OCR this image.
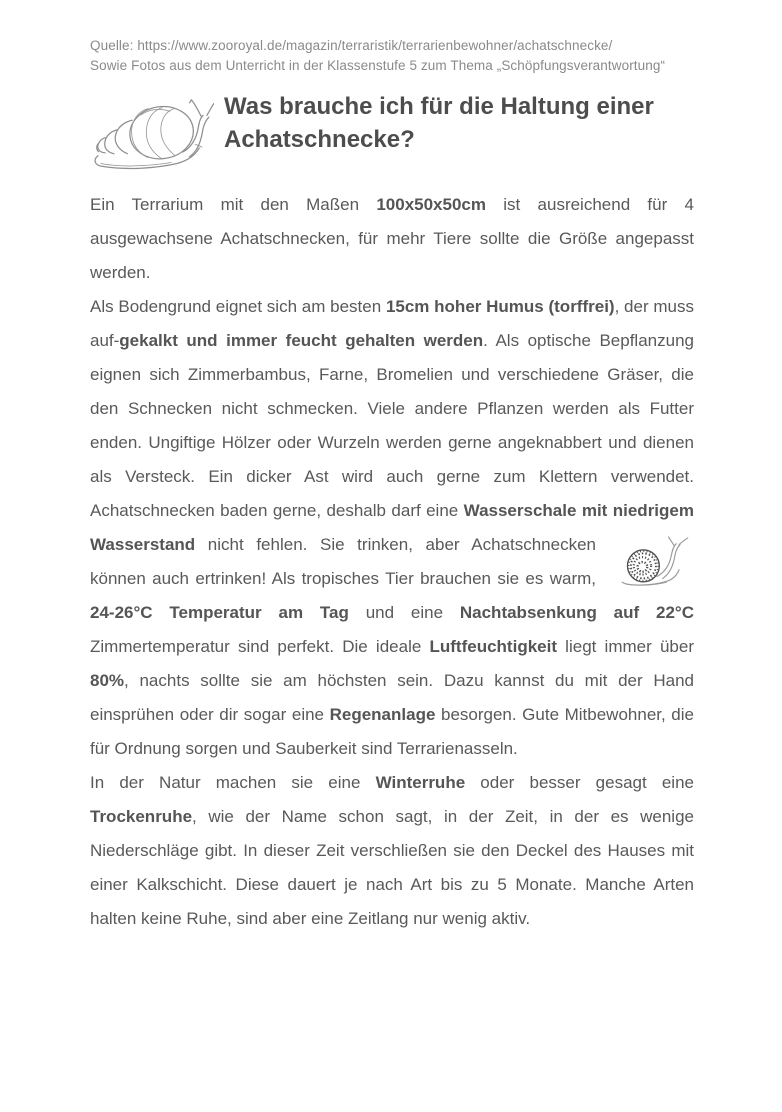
Quelle: https://www.zooroyal.de/magazin/terraristik/terrarienbewohner/achatschnecke/
Sowie Fotos aus dem Unterricht in der Klassenstufe 5 zum Thema „Schöpfungsverantwortung“
Was brauche ich für die Haltung einer Achatschnecke?

Ein Terrarium mit den Maßen 100x50x50cm ist ausreichend für 4 ausgewachsene Achatschnecken, für mehr Tiere sollte die Größe angepasst werden.

Als Bodengrund eignet sich am besten 15cm hoher Humus (torffrei), der muss auf-gekalkt und immer feucht gehalten werden. Als optische Bepflanzung eignen sich Zimmerbambus, Farne, Bromelien und verschiedene Gräser, die den Schnecken nicht schmecken. Viele andere Pflanzen werden als Futter enden. Ungiftige Hölzer oder Wurzeln werden gerne angeknabbert und dienen als Versteck. Ein dicker Ast wird auch gerne zum Klettern verwendet. Achatschnecken baden gerne, deshalb darf eine Wasserschale mit niedrigem Wasserstand nicht fehlen.
Sie trinken, aber Achatschnecken können auch ertrinken! Als tropisches Tier brauchen sie es warm, 24-26°C Temperatur am Tag und eine Nachtabsenkung auf 22°C Zimmertemperatur sind perfekt. Die ideale Luftfeuchtigkeit liegt immer über 80%, nachts sollte sie am höchsten sein. Dazu kannst du mit der Hand einsprühen oder dir sogar eine Regenanlage besorgen. Gute Mitbewohner, die für Ordnung sorgen und Sauberkeit sind Terrarienasseln.

In der Natur machen sie eine Winterruhe oder besser gesagt eine Trockenruhe, wie der Name schon sagt, in der Zeit, in der es wenige Niederschläge gibt. In dieser Zeit verschließen sie den Deckel des Hauses mit einer Kalkschicht. Diese dauert je nach Art bis zu 5 Monate. Manche Arten halten keine Ruhe, sind aber eine Zeitlang nur wenig aktiv.
